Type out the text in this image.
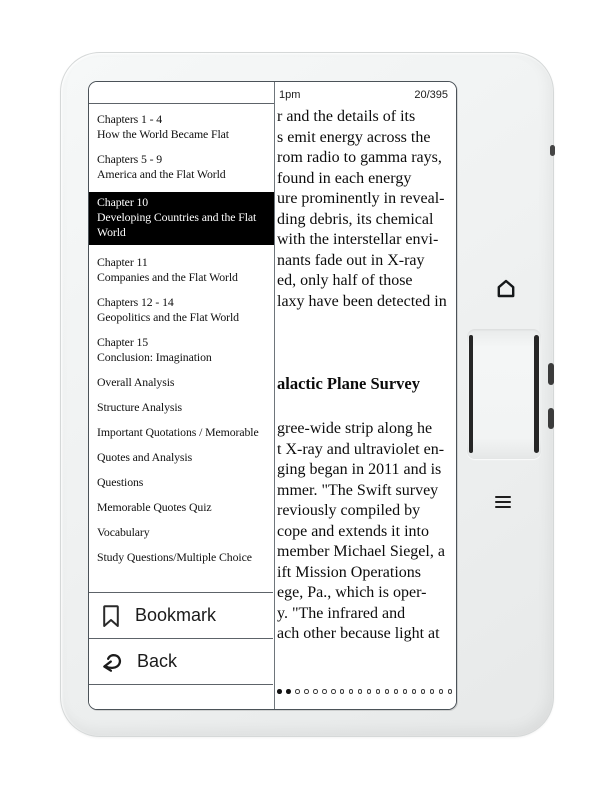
1pm	20/395
r and the details of its
s emit energy across the
rom radio to gamma rays,
found in each energy
ure prominently in reveal-
ding debris, its chemical
with the interstellar envi-
nants fade out in X-ray
ed, only half of those
laxy have been detected in
alactic Plane Survey
gree-wide strip along he
t X-ray and ultraviolet en-
ging began in 2011 and is
mmer. "The Swift survey
reviously compiled by
cope and extends it into
member Michael Siegel, a
ift Mission Operations
ege, Pa., which is oper-
y. "The infrared and
ach other because light at
Chapters 1 - 4
How the World Became Flat
Chapters 5 - 9
America and the Flat World
Chapter 10
Developing Countries and the Flat World
Chapter 11
Companies and the Flat World
Chapters 12 - 14
Geopolitics and the Flat World
Chapter 15
Conclusion: Imagination
Overall Analysis
Structure Analysis
Important Quotations / Memorable
Quotes and Analysis
Questions
Memorable Quotes Quiz
Vocabulary
Study Questions/Multiple Choice
Bookmark
Back
